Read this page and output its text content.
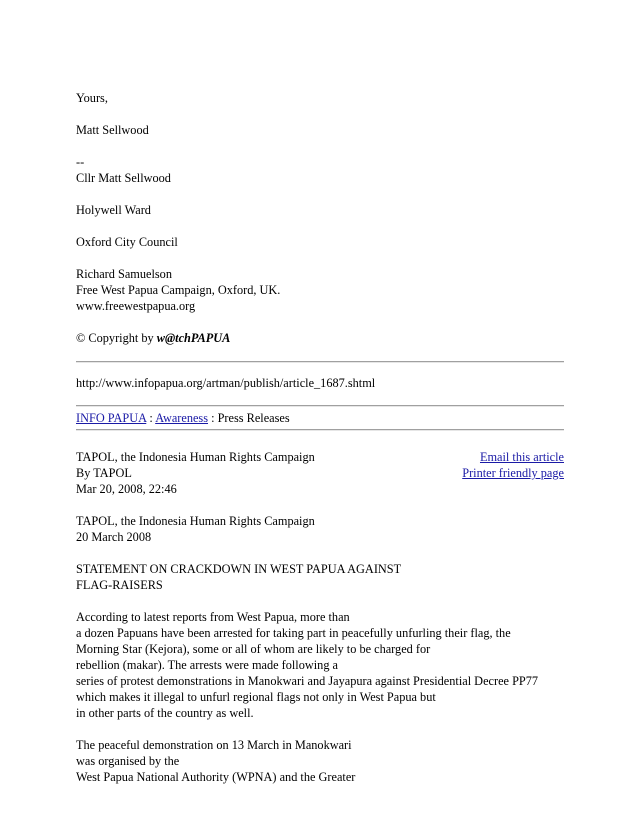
Yours,

Matt Sellwood

--
Cllr Matt Sellwood

Holywell Ward

Oxford City Council

Richard Samuelson
Free West Papua Campaign, Oxford, UK.
www.freewestpapua.org

© Copyright by w@tchPAPUA

http://www.infopapua.org/artman/publish/article_1687.shtml

INFO PAPUA : Awareness : Press Releases

TAPOL, the Indonesia Human Rights Campaign
By TAPOL
Mar 20, 2008, 22:46
Email this article
Printer friendly page
TAPOL, the Indonesia Human Rights Campaign
20 March 2008
STATEMENT ON CRACKDOWN IN WEST PAPUA AGAINST
FLAG-RAISERS
According to latest reports from West Papua, more than
a dozen Papuans have been arrested for taking part in peacefully unfurling their flag, the
Morning Star (Kejora), some or all of whom are likely to be charged for
rebellion (makar). The arrests were made following a
series of protest demonstrations in Manokwari and Jayapura against Presidential Decree PP77
which makes it illegal to unfurl regional flags not only in West Papua but
in other parts of the country as well.
The peaceful demonstration on 13 March in Manokwari
was organised by the
West Papua National Authority (WPNA) and the Greater
